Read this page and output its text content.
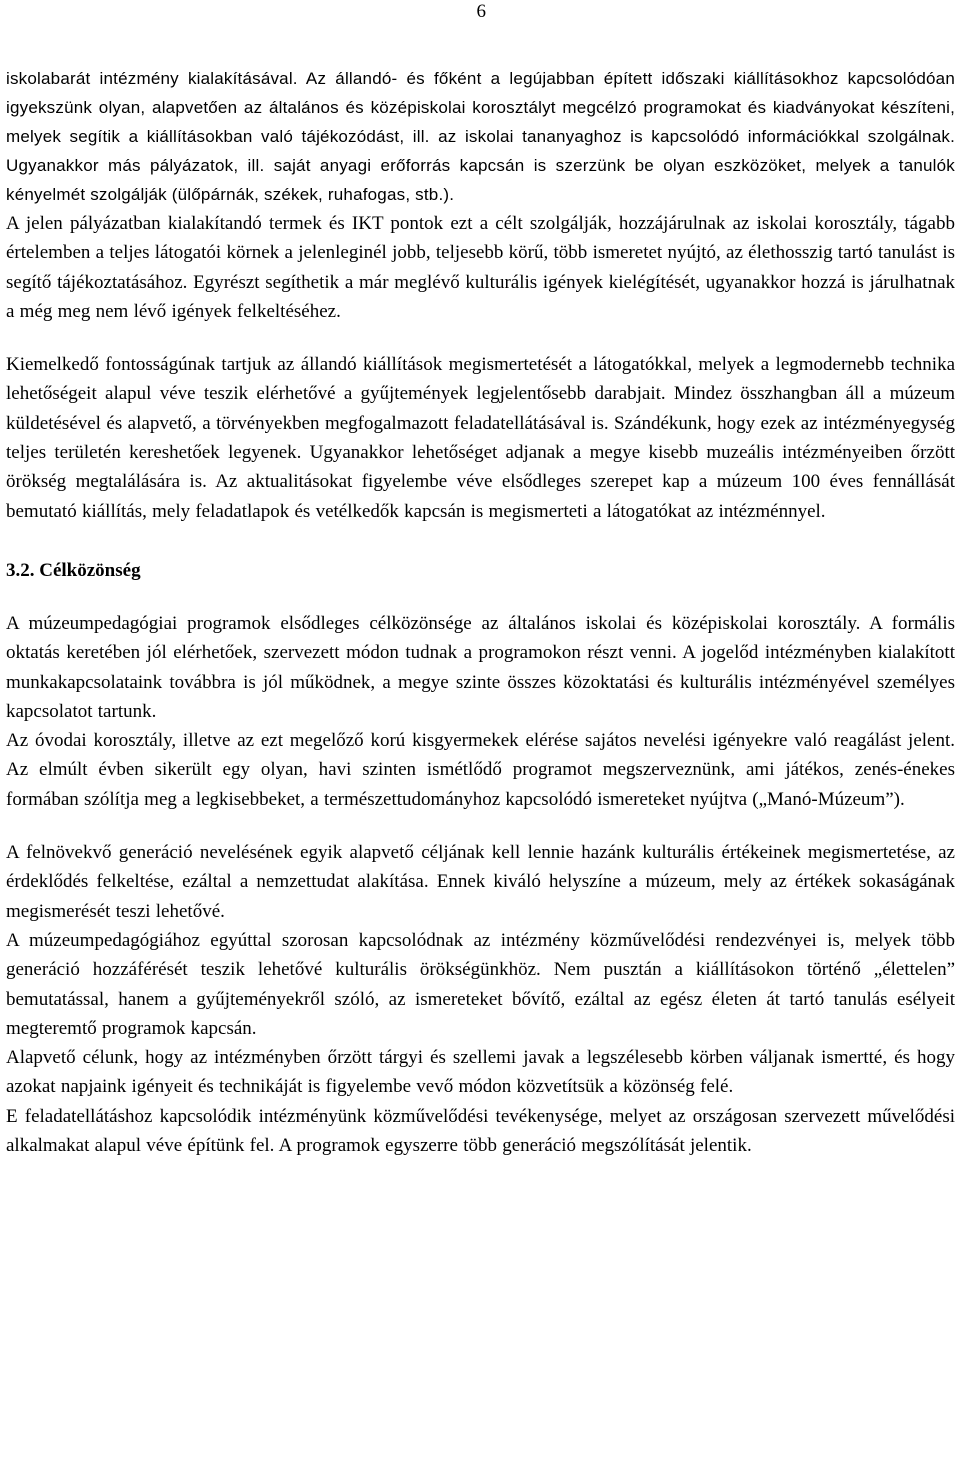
6

iskolabarát intézmény kialakításával. Az állandó- és főként a legújabban épített időszaki kiállításokhoz kapcsolódóan igyekszünk olyan, alapvetően az általános és középiskolai korosztályt megcélzó programokat és kiadványokat készíteni, melyek segítik a kiállításokban való tájékozódást, ill. az iskolai tananyaghoz is kapcsolódó információkkal szolgálnak. Ugyanakkor más pályázatok, ill. saját anyagi erőforrás kapcsán is szerzünk be olyan eszközöket, melyek a tanulók kényelmét szolgálják (ülőpárnák, székek, ruhafogas, stb.).

A jelen pályázatban kialakítandó termek és IKT pontok ezt a célt szolgálják, hozzájárulnak az iskolai korosztály, tágabb értelemben a teljes látogatói körnek a jelenleginél jobb, teljesebb körű, több ismeretet nyújtó, az élethosszig tartó tanulást is segítő tájékoztatásához. Egyrészt segíthetik a már meglévő kulturális igények kielégítését, ugyanakkor hozzá is járulhatnak a még meg nem lévő igények felkeltéséhez.

Kiemelkedő fontosságúnak tartjuk az állandó kiállítások megismertetését a látogatókkal, melyek a legmodernebb technika lehetőségeit alapul véve teszik elérhetővé a gyűjtemények legjelentősebb darabjait. Mindez összhangban áll a múzeum küldetésével és alapvető, a törvényekben megfogalmazott feladatellátásával is. Szándékunk, hogy ezek az intézményegység teljes területén kereshetőek legyenek. Ugyanakkor lehetőséget adjanak a megye kisebb muzeális intézményeiben őrzött örökség megtalálására is. Az aktualitásokat figyelembe véve elsődleges szerepet kap a múzeum 100 éves fennállását bemutató kiállítás, mely feladatlapok és vetélkedők kapcsán is megismerteti a látogatókat az intézménnyel.

3.2. Célközönség

A múzeumpedagógiai programok elsődleges célközönsége az általános iskolai és középiskolai korosztály. A formális oktatás keretében jól elérhetőek, szervezett módon tudnak a programokon részt venni. A jogelőd intézményben kialakított munkakapcsolataink továbbra is jól működnek, a megye szinte összes közoktatási és kulturális intézményével személyes kapcsolatot tartunk.

Az óvodai korosztály, illetve az ezt megelőző korú kisgyermekek elérése sajátos nevelési igényekre való reagálást jelent. Az elmúlt évben sikerült egy olyan, havi szinten ismétlődő programot megszerveznünk, ami játékos, zenés-énekes formában szólítja meg a legkisebbeket, a természettudományhoz kapcsolódó ismereteket nyújtva („Manó-Múzeum”).

A felnövekvő generáció nevelésének egyik alapvető céljának kell lennie hazánk kulturális értékeinek megismertetése, az érdeklődés felkeltése, ezáltal a nemzettudat alakítása. Ennek kiváló helyszíne a múzeum, mely az értékek sokaságának megismerését teszi lehetővé.

A múzeumpedagógiához egyúttal szorosan kapcsolódnak az intézmény közművelődési rendezvényei is, melyek több generáció hozzáférését teszik lehetővé kulturális örökségünkhöz. Nem pusztán a kiállításokon történő „élettelen” bemutatással, hanem a gyűjteményekről szóló, az ismereteket bővítő, ezáltal az egész életen át tartó tanulás esélyeit megteremtő programok kapcsán.

Alapvető célunk, hogy az intézményben őrzött tárgyi és szellemi javak a legszélesebb körben váljanak ismertté, és hogy azokat napjaink igényeit és technikáját is figyelembe vevő módon közvetítsük a közönség felé.

E feladatellátáshoz kapcsolódik intézményünk közművelődési tevékenysége, melyet az országosan szervezett művelődési alkalmakat alapul véve építünk fel. A programok egyszerre több generáció megszólítását jelentik.
